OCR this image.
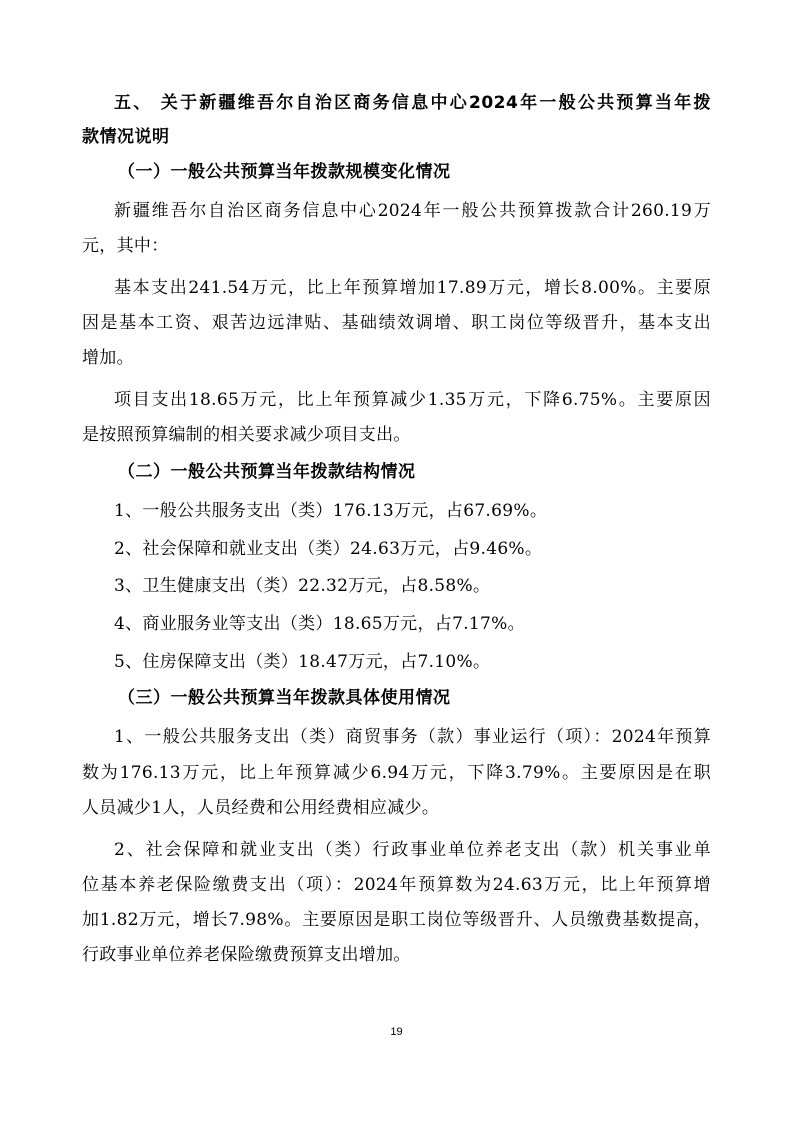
五、 关于新疆维吾尔自治区商务信息中心2024年一般公共预算当年拨
款情况说明
（一）一般公共预算当年拨款规模变化情况
新疆维吾尔自治区商务信息中心2024年一般公共预算拨款合计260.19万
元，其中：
基本支出241.54万元，比上年预算增加17.89万元，增长8.00%。主要原
因是基本工资、艰苦边远津贴、基础绩效调增、职工岗位等级晋升，基本支出
增加。
项目支出18.65万元，比上年预算减少1.35万元，下降6.75%。主要原因
是按照预算编制的相关要求减少项目支出。
（二）一般公共预算当年拨款结构情况
1、一般公共服务支出（类）176.13万元，占67.69%。
2、社会保障和就业支出（类）24.63万元，占9.46%。
3、卫生健康支出（类）22.32万元，占8.58%。
4、商业服务业等支出（类）18.65万元，占7.17%。
5、住房保障支出（类）18.47万元，占7.10%。
（三）一般公共预算当年拨款具体使用情况
1、一般公共服务支出（类）商贸事务（款）事业运行（项）：2024年预算
数为176.13万元，比上年预算减少6.94万元，下降3.79%。主要原因是在职
人员减少1人，人员经费和公用经费相应减少。
2、社会保障和就业支出（类）行政事业单位养老支出（款）机关事业单
位基本养老保险缴费支出（项）：2024年预算数为24.63万元，比上年预算增
加1.82万元，增长7.98%。主要原因是职工岗位等级晋升、人员缴费基数提高，
行政事业单位养老保险缴费预算支出增加。
19
